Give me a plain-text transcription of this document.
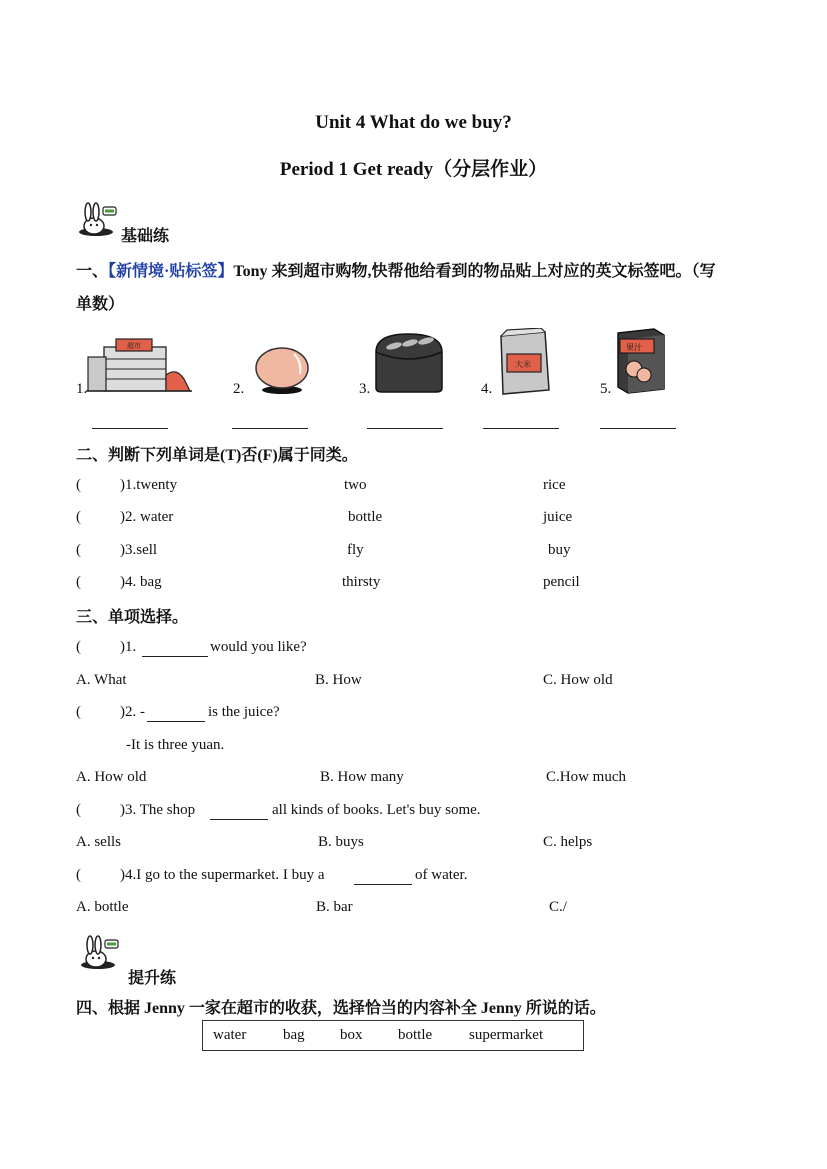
Unit 4 What do we buy?
Period 1 Get ready（分层作业）
基础练
一、【新情境·贴标签】Tony 来到超市购物,快帮他给看到的物品贴上对应的英文标签吧。（写
单数）
超市
1.	2.	3.
大米
4.
果汁
5.
二、判断下列单词是(T)否(F)属于同类。
(	)1.twenty	two	rice
(	)2. water	bottle	juice
(	)3.sell	fly	buy
(	)4. bag	thirsty	pencil
三、单项选择。
(	)1.	would you like?
A. What	B. How	C. How old
(	)2. -	is the juice?
-It is three yuan.
A. How old	B. How many	C.How much
(	)3. The shop	all kinds of books. Let's buy some.
A. sells	B. buys	C. helps
(	)4.I go to the supermarket. I buy a	of water.
A. bottle	B. bar	C./
提升练
四、根据 Jenny 一家在超市的收获，选择恰当的内容补全 Jenny 所说的话。
water bag box bottle supermarket
